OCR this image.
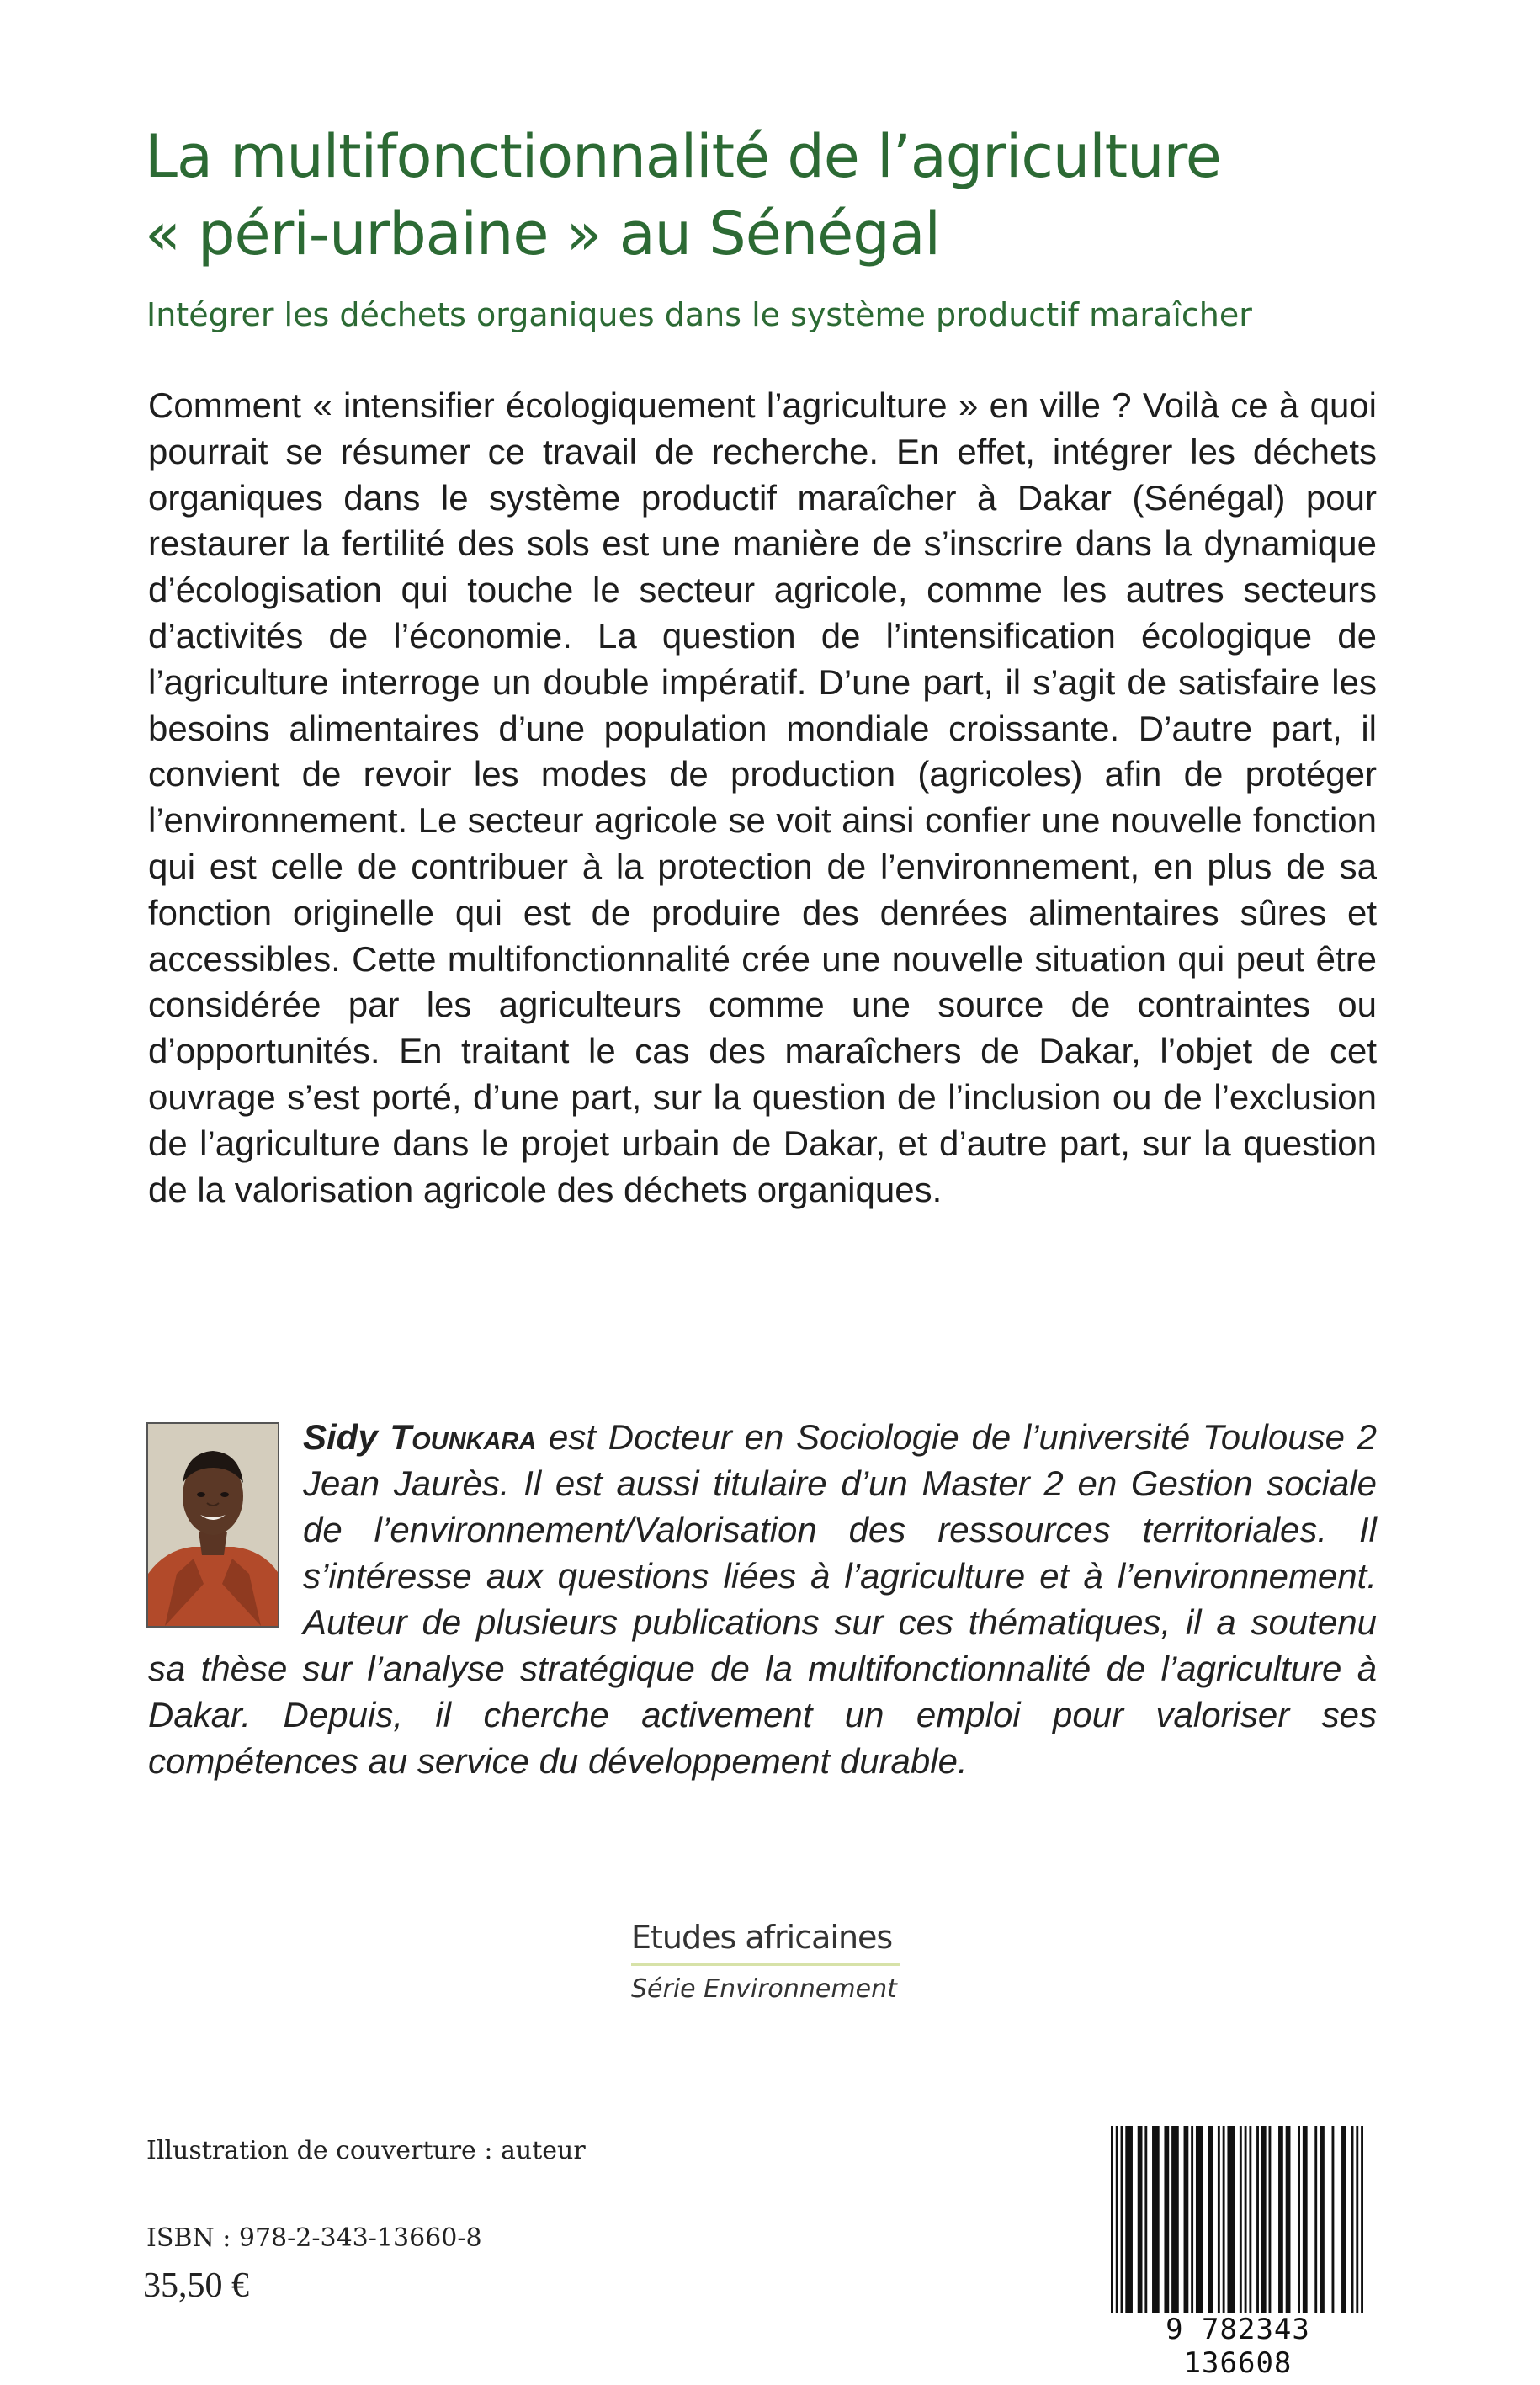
La multifonctionnalité de l’agriculture
« péri-urbaine » au Sénégal
Intégrer les déchets organiques dans le système productif maraîcher

Comment « intensifier écologiquement l’agriculture » en ville ? Voilà ce à quoi pourrait se résumer ce travail de recherche. En effet, intégrer les déchets organiques dans le système productif maraîcher à Dakar (Sénégal) pour restaurer la fertilité des sols est une manière de s’inscrire dans la dynamique d’écologisation qui touche le secteur agricole, comme les autres secteurs d’activités de l’économie. La question de l’intensification écologique de l’agriculture interroge un double impératif. D’une part, il s’agit de satisfaire les besoins alimentaires d’une population mondiale croissante. D’autre part, il convient de revoir les modes de production (agricoles) afin de protéger l’environnement. Le secteur agricole se voit ainsi confier une nouvelle fonction qui est celle de contribuer à la protection de l’environnement, en plus de sa fonction originelle qui est de produire des denrées alimentaires sûres et accessibles. Cette multifonctionnalité crée une nouvelle situation qui peut être considérée par les agriculteurs comme une source de contraintes ou d’opportunités. En traitant le cas des maraîchers de Dakar, l’objet de cet ouvrage s’est porté, d’une part, sur la question de l’inclusion ou de l’exclusion de l’agriculture dans le projet urbain de Dakar, et d’autre part, sur la question de la valorisation agricole des déchets organiques.

Sidy Tounkara est Docteur en Sociologie de l’université Toulouse 2 Jean Jaurès. Il est aussi titulaire d’un Master 2 en Gestion sociale de l’environnement/Valorisation des ressources territoriales. Il s’intéresse aux questions liées à l’agriculture et à l’environnement. Auteur de plusieurs publications sur ces thématiques, il a soutenu sa thèse sur l’analyse stratégique de la multifonctionnalité de l’agriculture à Dakar. Depuis, il cherche activement un emploi pour valoriser ses compétences au service du développement durable.

Etudes africaines
Série Environnement
Illustration de couverture : auteur
ISBN : 978-2-343-13660-8
35,50 €
9 782343 136608
